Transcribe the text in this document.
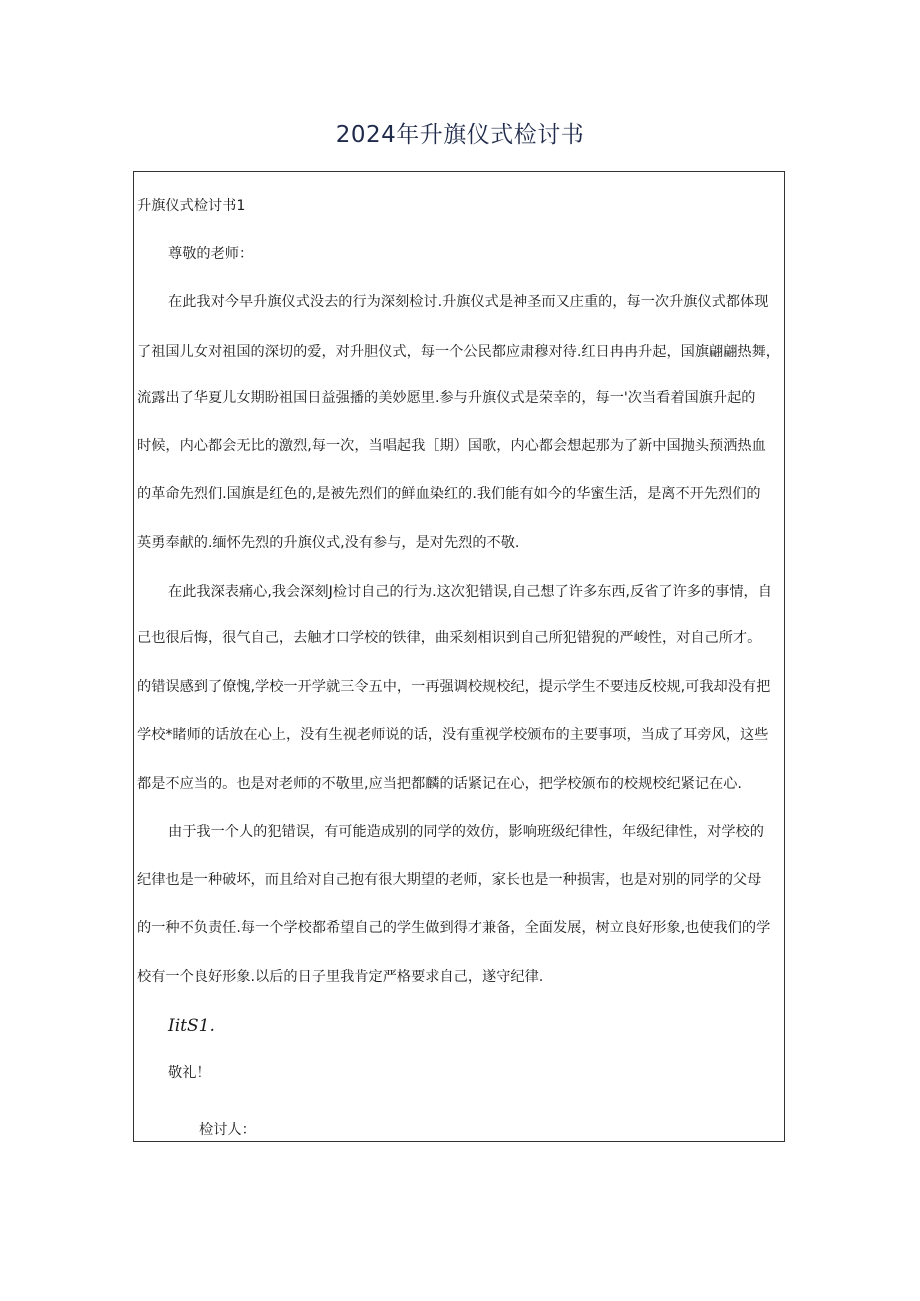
2024年升旗仪式检讨书
升旗仪式检讨书1
尊敬的老师：
在此我对今早升旗仪式没去的行为深刻检讨.升旗仪式是神圣而又庄重的，每一次升旗仪式都体现
了祖国儿女对祖国的深切的爱，对升胆仪式，每一个公民都应肃穆对待.红日冉冉升起，国旗翩翩热舞，
流露出了华夏儿女期盼祖国日益强播的美妙愿里.参与升旗仪式是荣幸的，每一'次当看着国旗升起的
时候，内心都会无比的激烈,每一次，当唱起我［期）国歌，内心都会想起那为了新中国抛头预洒热血
的革命先烈们.国旗是红色的,是被先烈们的鲜血染红的.我们能有如今的华蜜生活，是离不开先烈们的
英勇奉献的.缅怀先烈的升旗仪式,没有参与，是对先烈的不敬.
在此我深表痛心,我会深刻J检讨自己的行为.这次犯错误,自己想了许多东西,反省了许多的事情，自
己也很后悔，很气自己，去触才口学校的铁律，曲采刻相识到自己所犯错猊的严峻性，对自己所才。
的错误感到了僚愧,学校一开学就三令五中，一再强调校规校纪，提示学生不要违反校规,可我却没有把
学校*睹师的话放在心上，没有生视老师说的话，没有重视学校颁布的主要事项，当成了耳旁风，这些
都是不应当的。也是对老师的不敬里,应当把都麟的话紧记在心，把学校颁布的校规校纪紧记在心.
由于我一个人的犯错误，有可能造成别的同学的效仿，影响班级纪律性，年级纪律性，对学校的
纪律也是一种破坏，而且给对自己抱有很大期望的老师，家长也是一种损害，也是对别的同学的父母
的一种不负责任.每一个学校都希望自己的学生做到得才兼备，全面发展，树立良好形象,也使我们的学
校有一个良好形象.以后的日子里我肯定严格要求自己，遂守纪律.
IitS1.
敬礼！
检讨人：
